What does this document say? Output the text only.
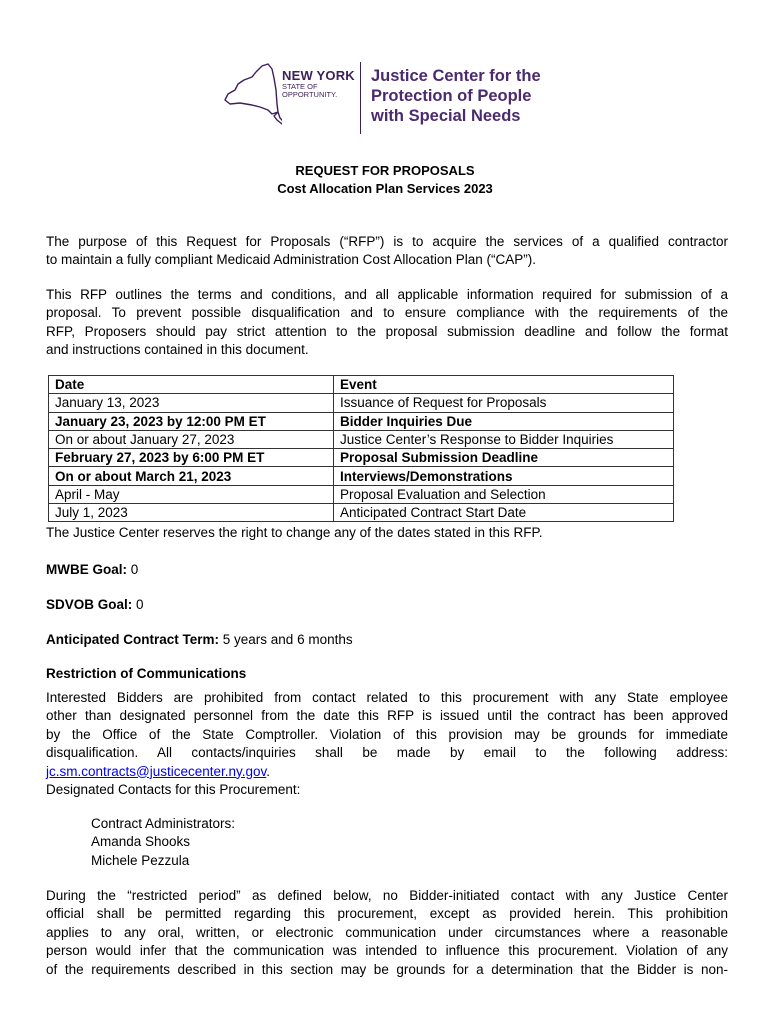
NEW YORK
STATE OF
OPPORTUNITY.
Justice Center for the
Protection of People
with Special Needs
REQUEST FOR PROPOSALS
Cost Allocation Plan Services 2023
The purpose of this Request for Proposals (“RFP”) is to acquire the services of a qualified contractor
to maintain a fully compliant Medicaid Administration Cost Allocation Plan (“CAP”).
This RFP outlines the terms and conditions, and all applicable information required for submission of a
proposal. To prevent possible disqualification and to ensure compliance with the requirements of the
RFP, Proposers should pay strict attention to the proposal submission deadline and follow the format
and instructions contained in this document.
Date	Event
January 13, 2023	Issuance of Request for Proposals
January 23, 2023 by 12:00 PM ET	Bidder Inquiries Due
On or about January 27, 2023	Justice Center’s Response to Bidder Inquiries
February 27, 2023 by 6:00 PM ET	Proposal Submission Deadline
On or about March 21, 2023	Interviews/Demonstrations
April - May	Proposal Evaluation and Selection
July 1, 2023	Anticipated Contract Start Date
The Justice Center reserves the right to change any of the dates stated in this RFP.
MWBE Goal: 0
SDVOB Goal: 0
Anticipated Contract Term: 5 years and 6 months
Restriction of Communications
Interested Bidders are prohibited from contact related to this procurement with any State employee
other than designated personnel from the date this RFP is issued until the contract has been approved
by the Office of the State Comptroller. Violation of this provision may be grounds for immediate
disqualification. All contacts/inquiries shall be made by email to the following address:
jc.sm.contracts@justicecenter.ny.gov.
Designated Contacts for this Procurement:
Contract Administrators:
Amanda Shooks
Michele Pezzula
During the “restricted period” as defined below, no Bidder-initiated contact with any Justice Center
official shall be permitted regarding this procurement, except as provided herein. This prohibition
applies to any oral, written, or electronic communication under circumstances where a reasonable
person would infer that the communication was intended to influence this procurement. Violation of any
of the requirements described in this section may be grounds for a determination that the Bidder is non-
